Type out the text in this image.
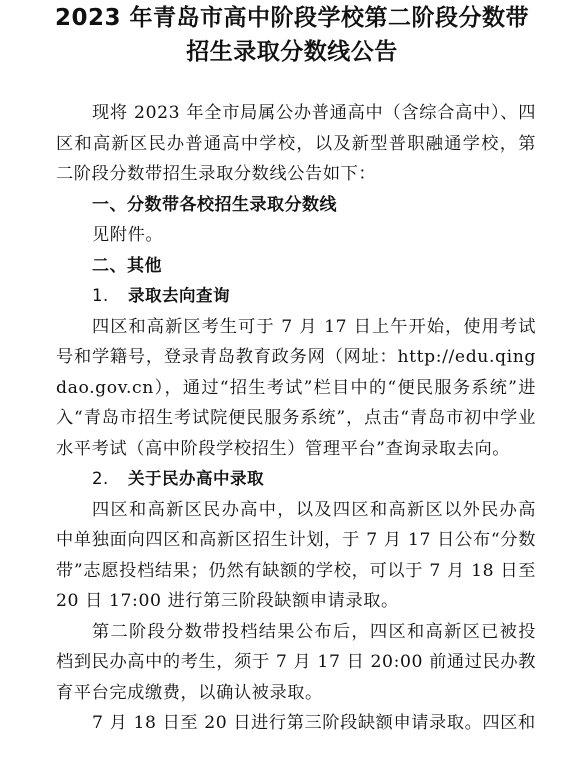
2023 年青岛市高中阶段学校第二阶段分数带
招生录取分数线公告

现将 2023 年全市局属公办普通高中（含综合高中）、四区和高新区民办普通高中学校，以及新型普职融通学校，第二阶段分数带招生录取分数线公告如下：

一、分数带各校招生录取分数线

见附件。

二、其他

1. 录取去向查询

四区和高新区考生可于 7 月 17 日上午开始，使用考试号和学籍号，登录青岛教育政务网（网址：http://edu.qingdao.gov.cn），通过“招生考试”栏目中的“便民服务系统”进入“青岛市招生考试院便民服务系统”，点击“青岛市初中学业水平考试（高中阶段学校招生）管理平台”查询录取去向。

2. 关于民办高中录取

四区和高新区民办高中，以及四区和高新区以外民办高中单独面向四区和高新区招生计划，于 7 月 17 日公布“分数带”志愿投档结果；仍然有缺额的学校，可以于 7 月 18 日至 20 日 17:00 进行第三阶段缺额申请录取。

第二阶段分数带投档结果公布后，四区和高新区已被投档到民办高中的考生，须于 7 月 17 日 20:00 前通过民办教育平台完成缴费，以确认被录取。

7 月 18 日至 20 日进行第三阶段缺额申请录取。四区和
